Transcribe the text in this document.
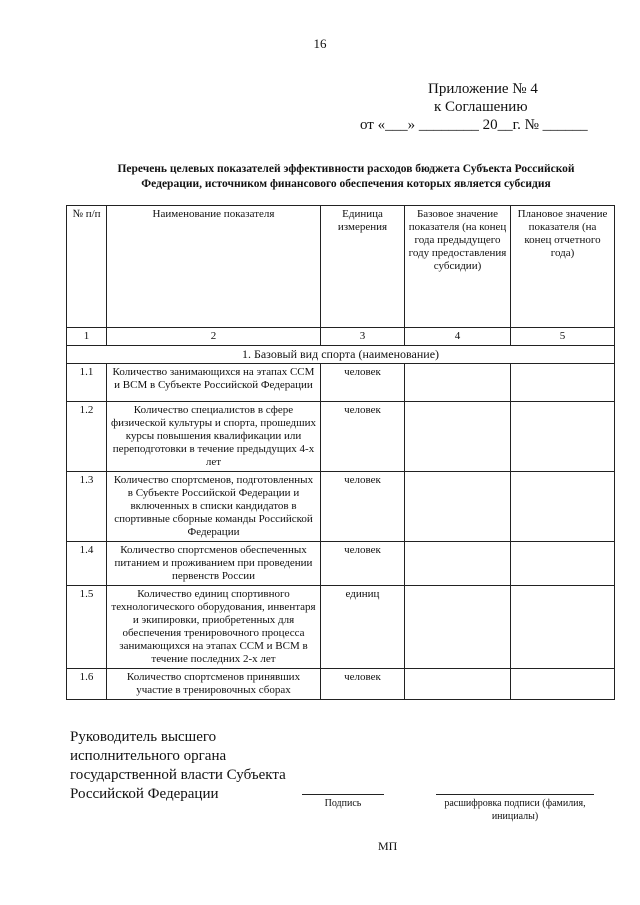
16
Приложение № 4
к Соглашению
от «___» ________ 20__г. № ______
Перечень целевых показателей эффективности расходов бюджета Субъекта Российской Федерации, источником финансового обеспечения которых является субсидия
№ п/п	Наименование показателя	Единица измерения	Базовое значение показателя (на конец года предыдущего году предоставления субсидии)	Плановое значение показателя (на конец отчетного года)
1	2	3	4	5
1. Базовый вид спорта (наименование)				
1.1	Количество занимающихся на этапах ССМ и ВСМ в Субъекте Российской Федерации	человек		
1.2	Количество специалистов в сфере физической культуры и спорта, прошедших курсы повышения квалификации или переподготовки в течение предыдущих 4-х лет	человек		
1.3	Количество спортсменов, подготовленных в Субъекте Российской Федерации и включенных в списки кандидатов в спортивные сборные команды Российской Федерации	человек		
1.4	Количество спортсменов обеспеченных питанием и проживанием при проведении первенств России	человек		
1.5	Количество единиц спортивного технологического оборудования, инвентаря и экипировки, приобретенных для обеспечения тренировочного процесса занимающихся на этапах ССМ и ВСМ в течение последних 2-х лет	единиц		
1.6	Количество спортсменов принявших участие в тренировочных сборах	человек		
Руководитель высшего исполнительного органа государственной власти Субъекта Российской Федерации
Подпись	расшифровка подписи (фамилия, инициалы)
МП
